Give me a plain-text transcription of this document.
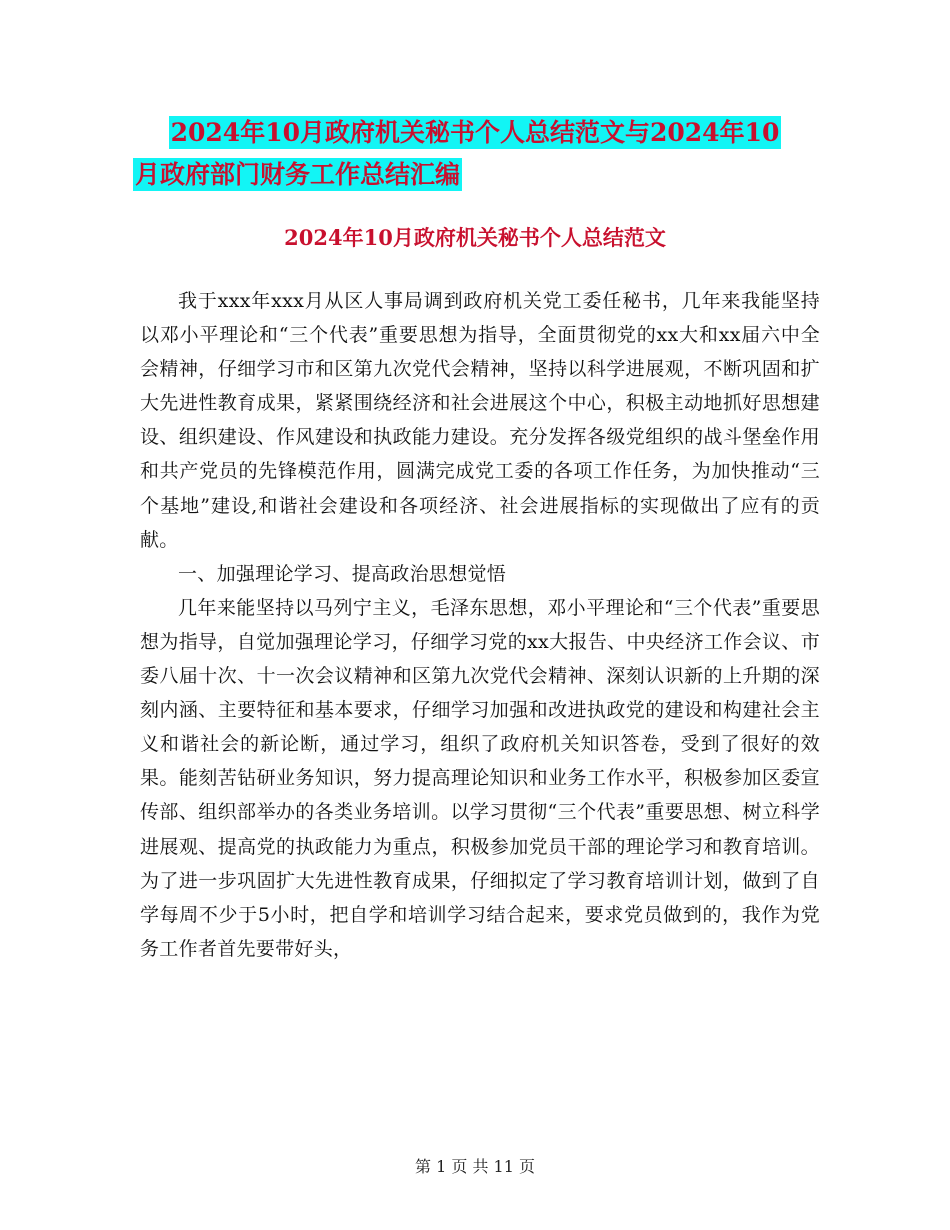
2024年10月政府机关秘书个人总结范文与2024年10
月政府部门财务工作总结汇编
2024年10月政府机关秘书个人总结范文

我于xxx年xxx月从区人事局调到政府机关党工委任秘书，几年来我能坚持以邓小平理论和“三个代表”重要思想为指导，全面贯彻党的xx大和xx届六中全会精神，仔细学习市和区第九次党代会精神，坚持以科学进展观，不断巩固和扩大先进性教育成果，紧紧围绕经济和社会进展这个中心，积极主动地抓好思想建设、组织建设、作风建设和执政能力建设。充分发挥各级党组织的战斗堡垒作用和共产党员的先锋模范作用，圆满完成党工委的各项工作任务，为加快推动“三个基地”建设,和谐社会建设和各项经济、社会进展指标的实现做出了应有的贡献。

一、加强理论学习、提高政治思想觉悟

几年来能坚持以马列宁主义，毛泽东思想，邓小平理论和“三个代表”重要思想为指导，自觉加强理论学习，仔细学习党的xx大报告、中央经济工作会议、市委八届十次、十一次会议精神和区第九次党代会精神、深刻认识新的上升期的深刻内涵、主要特征和基本要求，仔细学习加强和改进执政党的建设和构建社会主义和谐社会的新论断，通过学习，组织了政府机关知识答卷，受到了很好的效果。能刻苦钻研业务知识，努力提高理论知识和业务工作水平，积极参加区委宣传部、组织部举办的各类业务培训。以学习贯彻“三个代表”重要思想、树立科学进展观、提高党的执政能力为重点，积极参加党员干部的理论学习和教育培训。为了进一步巩固扩大先进性教育成果，仔细拟定了学习教育培训计划，做到了自学每周不少于5小时，把自学和培训学习结合起来，要求党员做到的，我作为党务工作者首先要带好头，

第 1 页 共 11 页
